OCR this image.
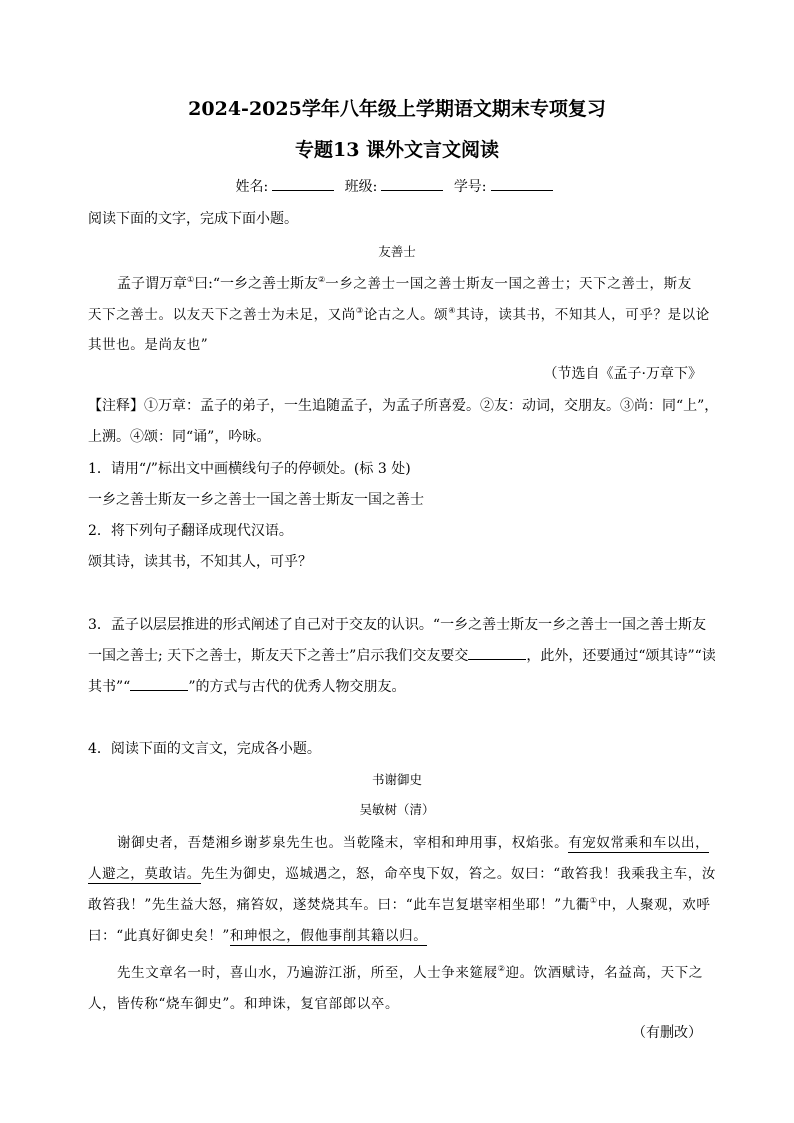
2024-2025学年八年级上学期语文期末专项复习
专题13 课外文言文阅读
姓名:	班级:	学号:
阅读下面的文字，完成下面小题。
友善士
孟子谓万章①曰:“一乡之善士斯友②一乡之善士一国之善士斯友一国之善士；天下之善士，斯友
天下之善士。以友天下之善士为未足，又尚③论古之人。颂④其诗，读其书，不知其人，可乎？是以论
其世也。是尚友也”
（节选自《孟子·万章下》
【注释】①万章：孟子的弟子，一生追随孟子，为孟子所喜爱。②友：动词，交朋友。③尚：同“上”，
上溯。④颂：同“诵”，吟咏。
1．请用“/”标出文中画横线句子的停顿处。(标 3 处)
一乡之善士斯友一乡之善士一国之善士斯友一国之善士
2．将下列句子翻译成现代汉语。
颂其诗，读其书，不知其人，可乎？
3．孟子以层层推进的形式阐述了自己对于交友的认识。“一乡之善士斯友一乡之善士一国之善士斯友
一国之善士; 天下之善士，斯友天下之善士”启示我们交友要交	，此外，还要通过“颂其诗”“读
其书”“	”的方式与古代的优秀人物交朋友。
4．阅读下面的文言文，完成各小题。
书谢御史
吴敏树（清）
谢御史者，吾楚湘乡谢芗泉先生也。当乾隆末，宰相和珅用事，权焰张。有宠奴常乘和车以出，
人避之，莫敢诘。先生为御史，巡城遇之，怒，命卒曳下奴，笞之。奴曰：“敢笞我！我乘我主车，汝
敢笞我！”先生益大怒，痛笞奴，遂焚烧其车。曰：“此车岂复堪宰相坐耶！”九衢①中，人聚观，欢呼
曰：“此真好御史矣！”和珅恨之，假他事削其籍以归。
先生文章名一时，喜山水，乃遍游江浙，所至，人士争来筵屐②迎。饮酒赋诗，名益高，天下之
人，皆传称“烧车御史”。和珅诛，复官部郎以卒。
（有删改）
